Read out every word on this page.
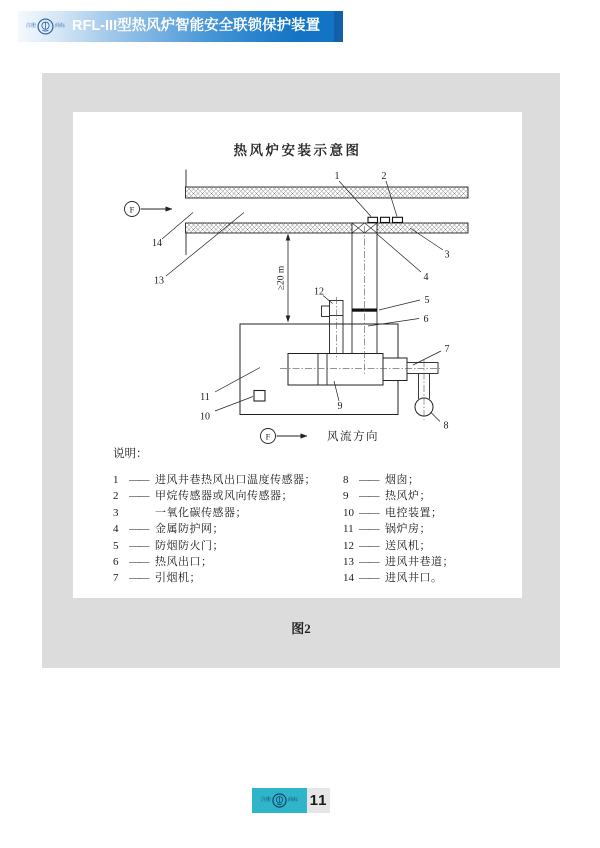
注册	商标 RFL-III型热风炉智能安全联锁保护装置
热风炉安装示意图
F
≥20 m
1	2
3
4
5
6
7
8
9
10
11
12
13
14
F	风流方向
说明：
1 —— 进风井巷热风出口温度传感器；
2 —— 甲烷传感器或风向传感器；
3	一氧化碳传感器；
4 —— 金属防护网；
5 —— 防烟防火门；
6 —— 热风出口；
7 —— 引烟机；
8 —— 烟囱；
9 —— 热风炉；
10 —— 电控装置；
11 —— 锅炉房；
12 —— 送风机；
13 —— 进风井巷道；
14 —— 进风井口。
图2
注册	商标 11
